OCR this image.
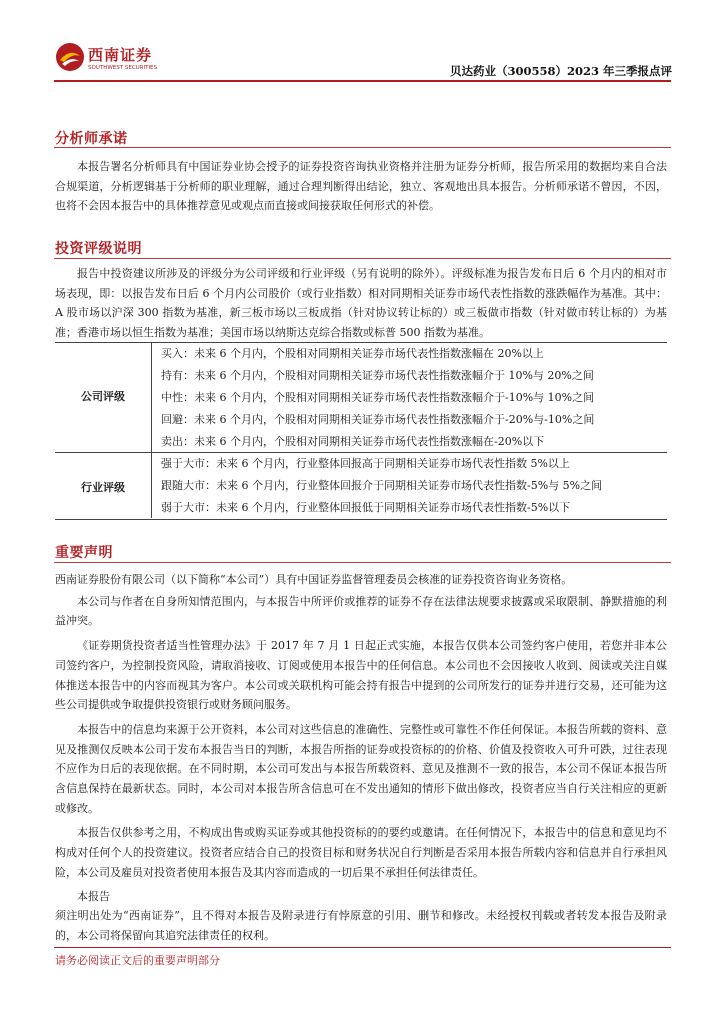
西南证券
SOUTHWEST SECURITIES	贝达药业（300558）2023 年三季报点评
分析师承诺

本报告署名分析师具有中国证券业协会授予的证券投资咨询执业资格并注册为证券分析师，报告所采用的数据均来自合法合规渠道，分析逻辑基于分析师的职业理解，通过合理判断得出结论，独立、客观地出具本报告。分析师承诺不曾因，不因，也将不会因本报告中的具体推荐意见或观点而直接或间接获取任何形式的补偿。

投资评级说明

报告中投资建议所涉及的评级分为公司评级和行业评级（另有说明的除外）。评级标准为报告发布日后 6 个月内的相对市场表现，即：以报告发布日后 6 个月内公司股价（或行业指数）相对同期相关证券市场代表性指数的涨跌幅作为基准。其中：A 股市场以沪深 300 指数为基准，新三板市场以三板成指（针对协议转让标的）或三板做市指数（针对做市转让标的）为基准；香港市场以恒生指数为基准；美国市场以纳斯达克综合指数或标普 500 指数为基准。

公司评级
买入：未来 6 个月内，个股相对同期相关证券市场代表性指数涨幅在 20%以上
持有：未来 6 个月内，个股相对同期相关证券市场代表性指数涨幅介于 10%与 20%之间
中性：未来 6 个月内，个股相对同期相关证券市场代表性指数涨幅介于-10%与 10%之间
回避：未来 6 个月内，个股相对同期相关证券市场代表性指数涨幅介于-20%与-10%之间
卖出：未来 6 个月内，个股相对同期相关证券市场代表性指数涨幅在-20%以下
行业评级
强于大市：未来 6 个月内，行业整体回报高于同期相关证券市场代表性指数 5%以上
跟随大市：未来 6 个月内，行业整体回报介于同期相关证券市场代表性指数-5%与 5%之间
弱于大市：未来 6 个月内，行业整体回报低于同期相关证券市场代表性指数-5%以下
重要声明

西南证券股份有限公司（以下简称“本公司”）具有中国证券监督管理委员会核准的证券投资咨询业务资格。

本公司与作者在自身所知情范围内，与本报告中所评价或推荐的证券不存在法律法规要求披露或采取限制、静默措施的利益冲突。

《证券期货投资者适当性管理办法》于 2017 年 7 月 1 日起正式实施，本报告仅供本公司签约客户使用，若您并非本公司签约客户，为控制投资风险，请取消接收、订阅或使用本报告中的任何信息。本公司也不会因接收人收到、阅读或关注自媒体推送本报告中的内容而视其为客户。本公司或关联机构可能会持有报告中提到的公司所发行的证券并进行交易，还可能为这些公司提供或争取提供投资银行或财务顾问服务。

本报告中的信息均来源于公开资料，本公司对这些信息的准确性、完整性或可靠性不作任何保证。本报告所载的资料、意见及推测仅反映本公司于发布本报告当日的判断，本报告所指的证券或投资标的的价格、价值及投资收入可升可跌，过往表现不应作为日后的表现依据。在不同时期，本公司可发出与本报告所载资料、意见及推测不一致的报告，本公司不保证本报告所含信息保持在最新状态。同时，本公司对本报告所含信息可在不发出通知的情形下做出修改，投资者应当自行关注相应的更新或修改。

本报告仅供参考之用，不构成出售或购买证券或其他投资标的的要约或邀请。在任何情况下，本报告中的信息和意见均不构成对任何个人的投资建议。投资者应结合自己的投资目标和财务状况自行判断是否采用本报告所载内容和信息并自行承担风险，本公司及雇员对投资者使用本报告及其内容而造成的一切后果不承担任何法律责任。

本报告

须注明出处为“西南证券”，且不得对本报告及附录进行有悖原意的引用、删节和修改。未经授权刊载或者转发本报告及附录的，本公司将保留向其追究法律责任的权利。

请务必阅读正文后的重要声明部分
